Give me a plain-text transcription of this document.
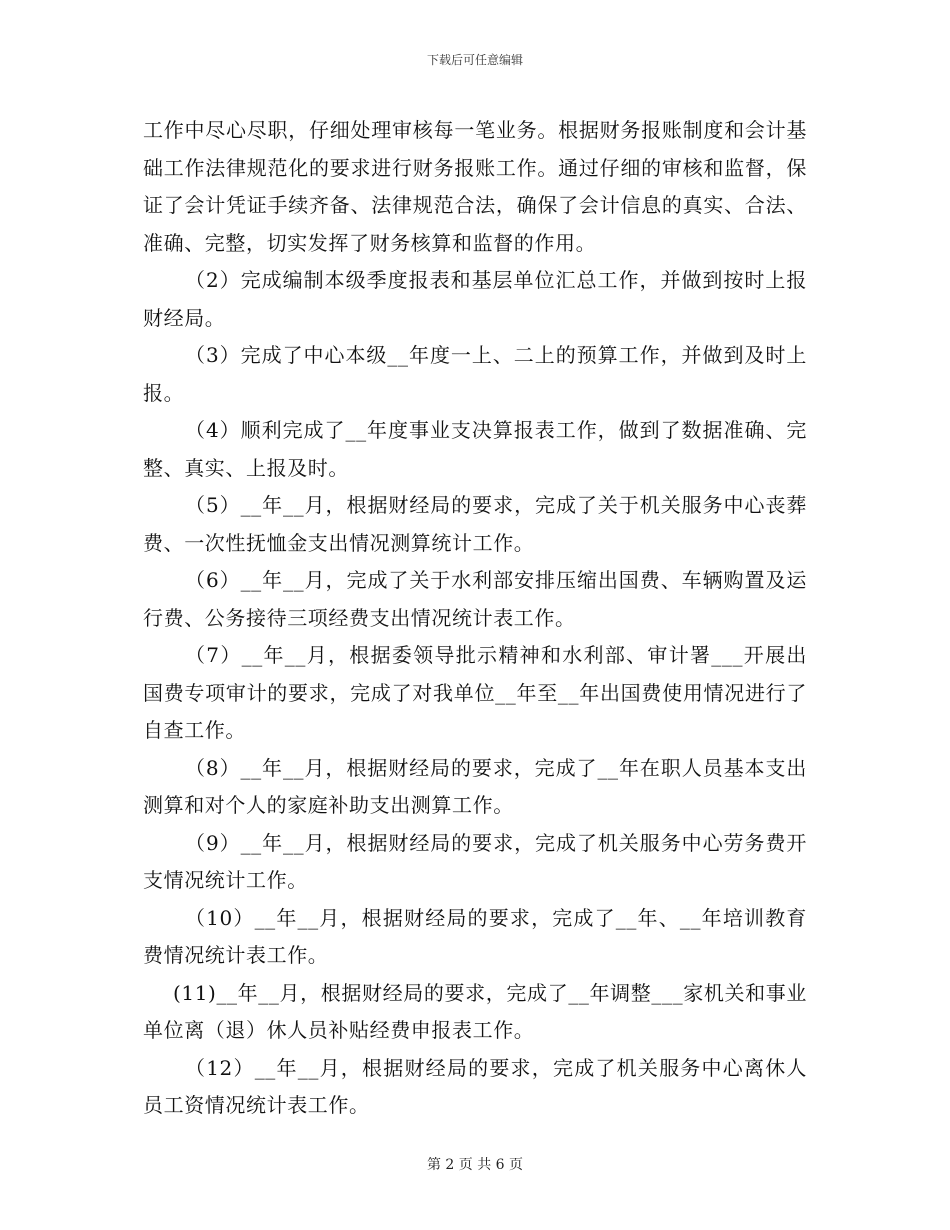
下载后可任意编辑

工作中尽心尽职，仔细处理审核每一笔业务。根据财务报账制度和会计基础工作法律规范化的要求进行财务报账工作。通过仔细的审核和监督，保证了会计凭证手续齐备、法律规范合法，确保了会计信息的真实、合法、准确、完整，切实发挥了财务核算和监督的作用。

（2）完成编制本级季度报表和基层单位汇总工作，并做到按时上报财经局。

（3）完成了中心本级__年度一上、二上的预算工作，并做到及时上报。

（4）顺利完成了__年度事业支决算报表工作，做到了数据准确、完整、真实、上报及时。

（5）__年__月，根据财经局的要求，完成了关于机关服务中心丧葬费、一次性抚恤金支出情况测算统计工作。

（6）__年__月，完成了关于水利部安排压缩出国费、车辆购置及运行费、公务接待三项经费支出情况统计表工作。

（7）__年__月，根据委领导批示精神和水利部、审计署___开展出国费专项审计的要求，完成了对我单位__年至__年出国费使用情况进行了自查工作。

（8）__年__月，根据财经局的要求，完成了__年在职人员基本支出测算和对个人的家庭补助支出测算工作。

（9）__年__月，根据财经局的要求，完成了机关服务中心劳务费开支情况统计工作。

（10）__年__月，根据财经局的要求，完成了__年、__年培训教育费情况统计表工作。

(11)__年__月，根据财经局的要求，完成了__年调整___家机关和事业单位离（退）休人员补贴经费申报表工作。

（12）__年__月，根据财经局的要求，完成了机关服务中心离休人员工资情况统计表工作。

第 2 页 共 6 页
